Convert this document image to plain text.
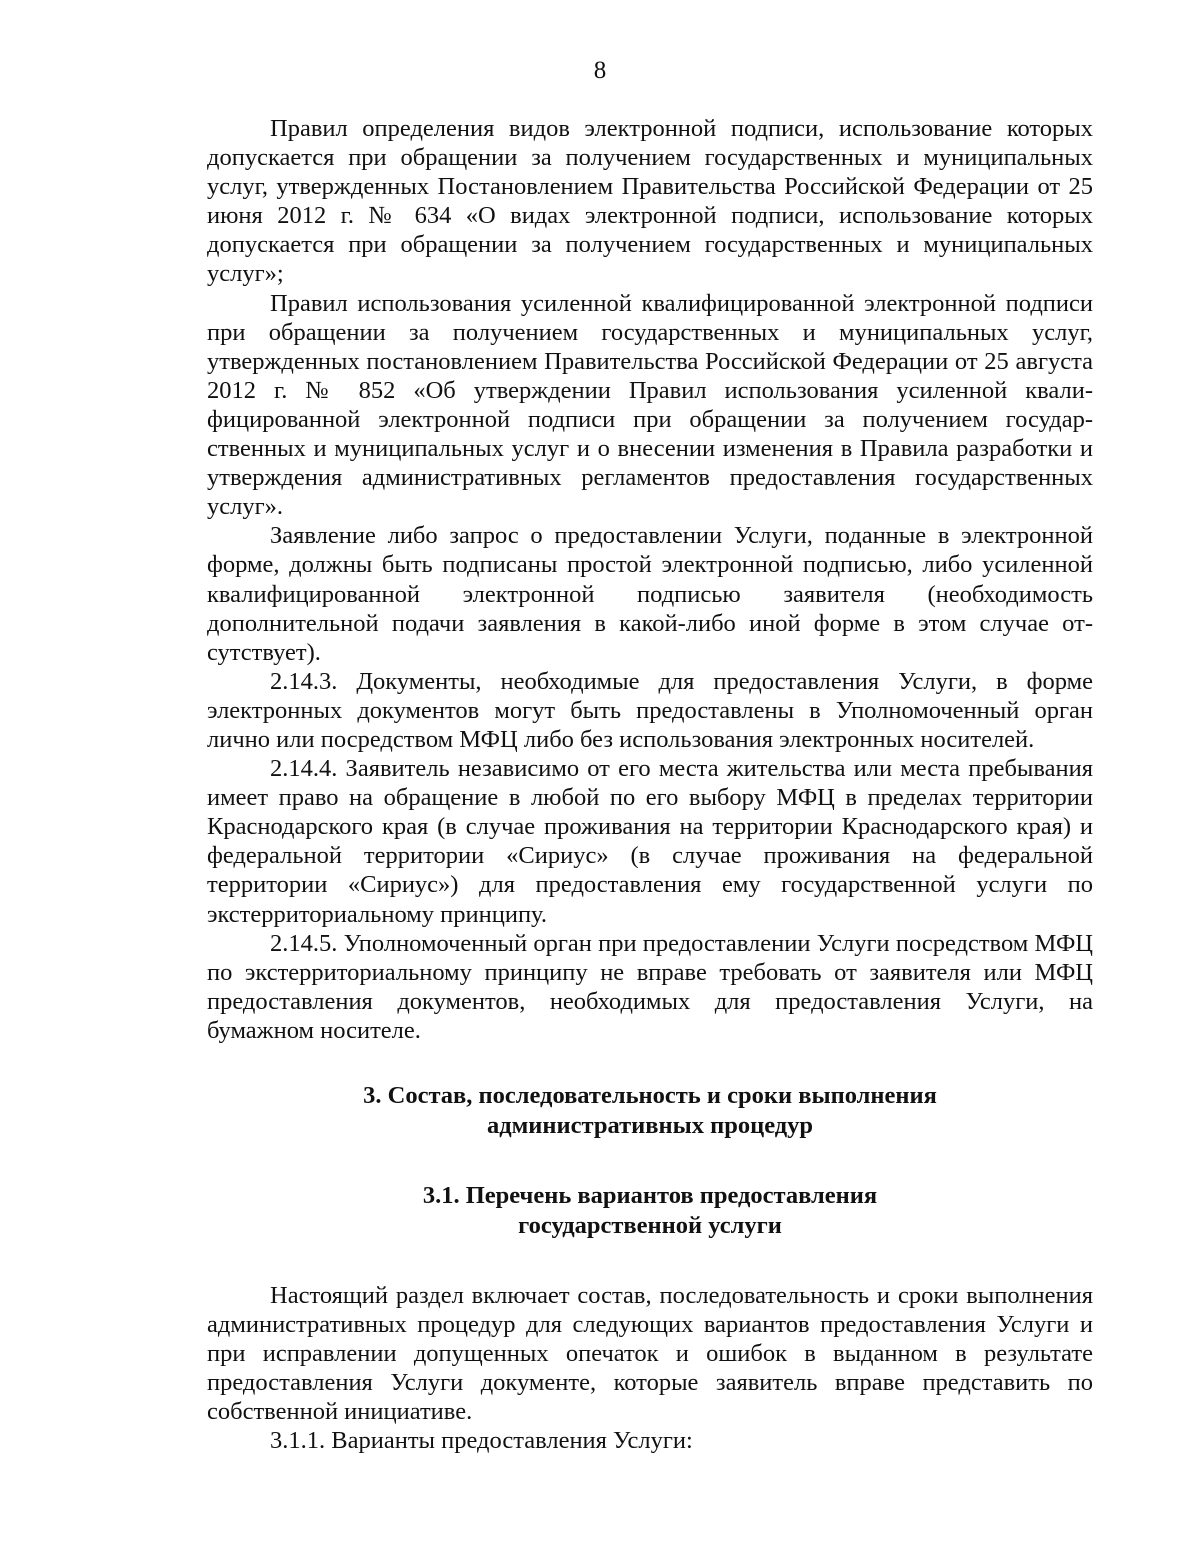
8

Правил определения видов электронной подписи, использование которых допускается при обращении за получением государственных и муниципальных услуг, утвержденных Постановлением Правительства Российской Федерации от 25 июня 2012 г. № 634 «О видах электронной подписи, использование которых допускается при обращении за получением государственных и муниципальных услуг»;

Правил использования усиленной квалифицированной электронной подписи при обращении за получением государственных и муниципальных услуг, утвержденных постановлением Правительства Российской Федерации от 25 августа 2012 г. № 852 «Об утверждении Правил использования усиленной квалифицированной электронной подписи при обращении за получением государственных и муниципальных услуг и о внесении изменения в Правила разработки и утверждения административных регламентов предоставления государственных услуг».

Заявление либо запрос о предоставлении Услуги, поданные в электронной форме, должны быть подписаны простой электронной подписью, либо усиленной квалифицированной электронной подписью заявителя (необходимость дополнительной подачи заявления в какой-либо иной форме в этом случае отсутствует).

2.14.3. Документы, необходимые для предоставления Услуги, в форме электронных документов могут быть предоставлены в Уполномоченный орган лично или посредством МФЦ либо без использования электронных носителей.

2.14.4. Заявитель независимо от его места жительства или места пребывания имеет право на обращение в любой по его выбору МФЦ в пределах территории Краснодарского края (в случае проживания на территории Краснодарского края) и федеральной территории «Сириус» (в случае проживания на федеральной территории «Сириус») для предоставления ему государственной услуги по экстерриториальному принципу.

2.14.5. Уполномоченный орган при предоставлении Услуги посредством МФЦ по экстерриториальному принципу не вправе требовать от заявителя или МФЦ предоставления документов, необходимых для предоставления Услуги, на бумажном носителе.

3. Состав, последовательность и сроки выполнения
административных процедур
3.1. Перечень вариантов предоставления
государственной услуги

Настоящий раздел включает состав, последовательность и сроки выполнения административных процедур для следующих вариантов предоставления Услуги и при исправлении допущенных опечаток и ошибок в выданном в результате предоставления Услуги документе, которые заявитель вправе представить по собственной инициативе.

3.1.1. Варианты предоставления Услуги:
